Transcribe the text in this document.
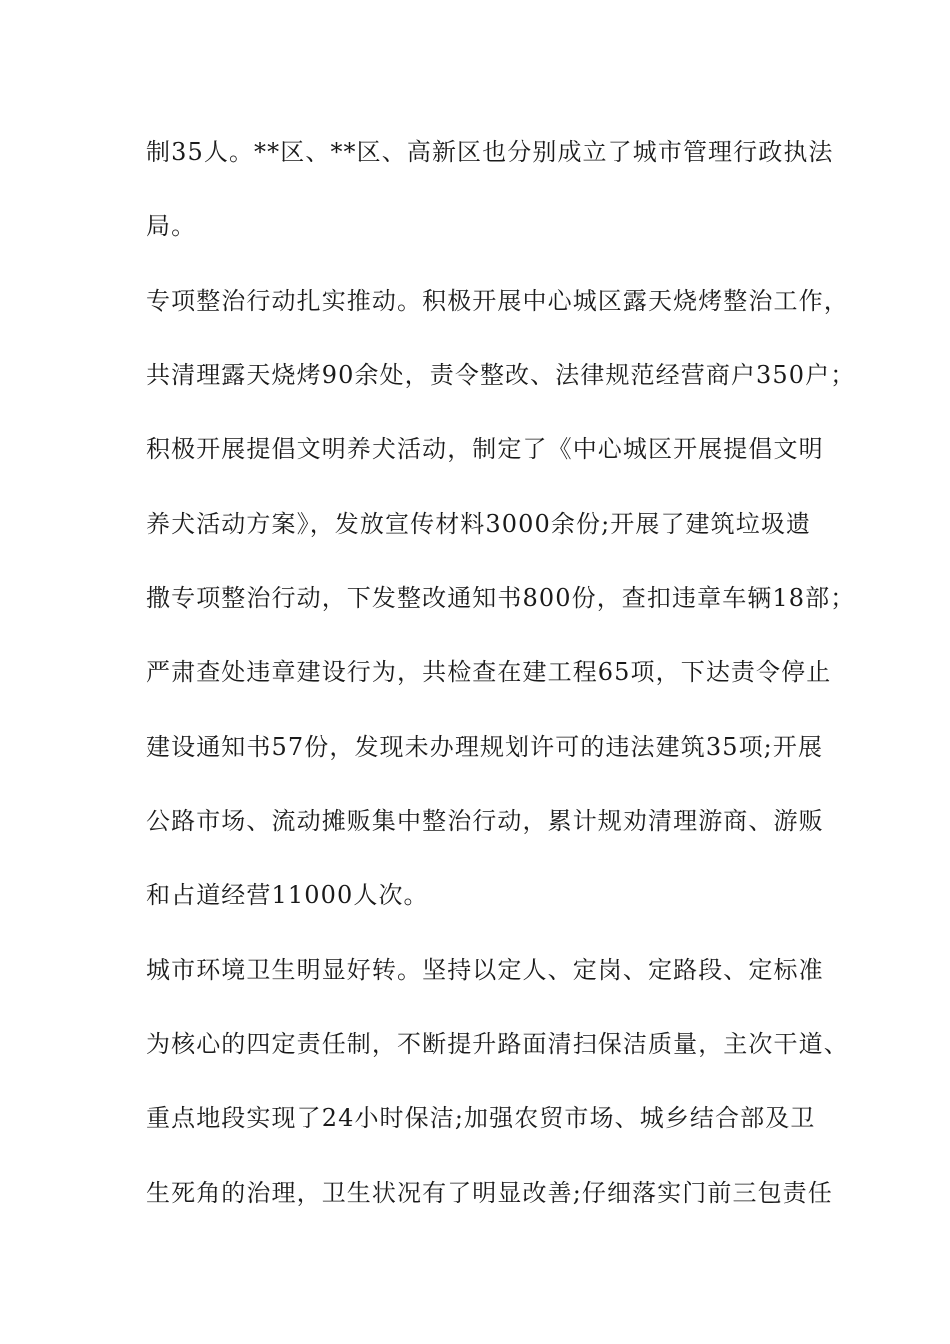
制35人。**区、**区、高新区也分别成立了城市管理行政执法
局。
专项整治行动扎实推动。积极开展中心城区露天烧烤整治工作，
共清理露天烧烤90余处，责令整改、法律规范经营商户350户；
积极开展提倡文明养犬活动，制定了《中心城区开展提倡文明
养犬活动方案》，发放宣传材料3000余份;开展了建筑垃圾遗
撒专项整治行动，下发整改通知书800份，查扣违章车辆18部；
严肃查处违章建设行为，共检查在建工程65项，下达责令停止
建设通知书57份，发现未办理规划许可的违法建筑35项;开展
公路市场、流动摊贩集中整治行动，累计规劝清理游商、游贩
和占道经营11000人次。
城市环境卫生明显好转。坚持以定人、定岗、定路段、定标准
为核心的四定责任制，不断提升路面清扫保洁质量，主次干道、
重点地段实现了24小时保洁;加强农贸市场、城乡结合部及卫
生死角的治理，卫生状况有了明显改善;仔细落实门前三包责任
